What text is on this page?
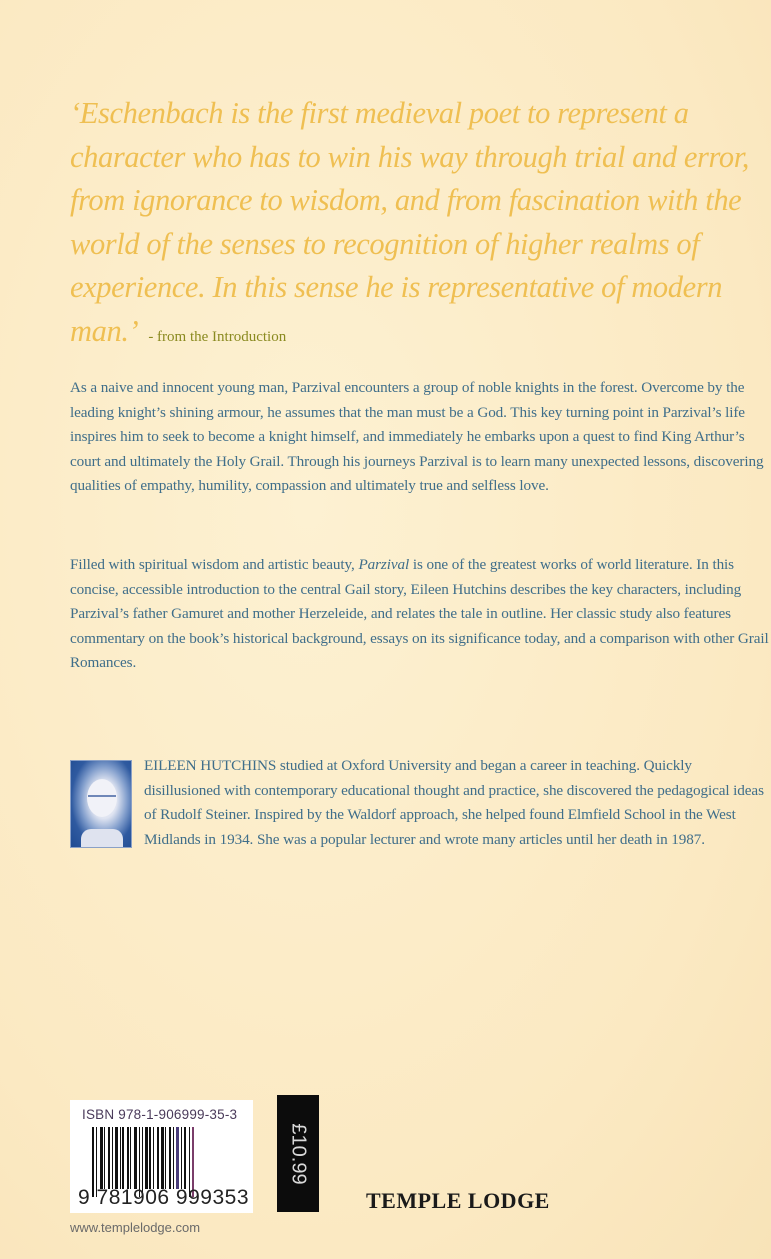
‘Eschenbach is the first medieval poet to represent a character who has to win his way through trial and error, from ignorance to wisdom, and from fascination with the world of the senses to recognition of higher realms of experience. In this sense he is representative of modern man.’ - from the Introduction
As a naive and innocent young man, Parzival encounters a group of noble knights in the forest. Overcome by the leading knight’s shining armour, he assumes that the man must be a God. This key turning point in Parzival’s life inspires him to seek to become a knight himself, and immediately he embarks upon a quest to find King Arthur’s court and ultimately the Holy Grail. Through his journeys Parzival is to learn many unexpected lessons, discovering qualities of empathy, humility, compassion and ultimately true and selfless love.
Filled with spiritual wisdom and artistic beauty, Parzival is one of the greatest works of world literature. In this concise, accessible introduction to the central Gail story, Eileen Hutchins describes the key characters, including Parzival’s father Gamuret and mother Herzeleide, and relates the tale in outline. Her classic study also features commentary on the book’s historical background, essays on its significance today, and a comparison with other Grail Romances.
EILEEN HUTCHINS studied at Oxford University and began a career in teaching. Quickly disillusioned with contemporary educational thought and practice, she discovered the pedagogical ideas of Rudolf Steiner. Inspired by the Waldorf approach, she helped found Elmfield School in the West Midlands in 1934. She was a popular lecturer and wrote many articles until her death in 1987.
ISBN 978-1-906999-35-3
9 781906 999353
£10.99
www.templelodge.com
TEMPLE LODGE
